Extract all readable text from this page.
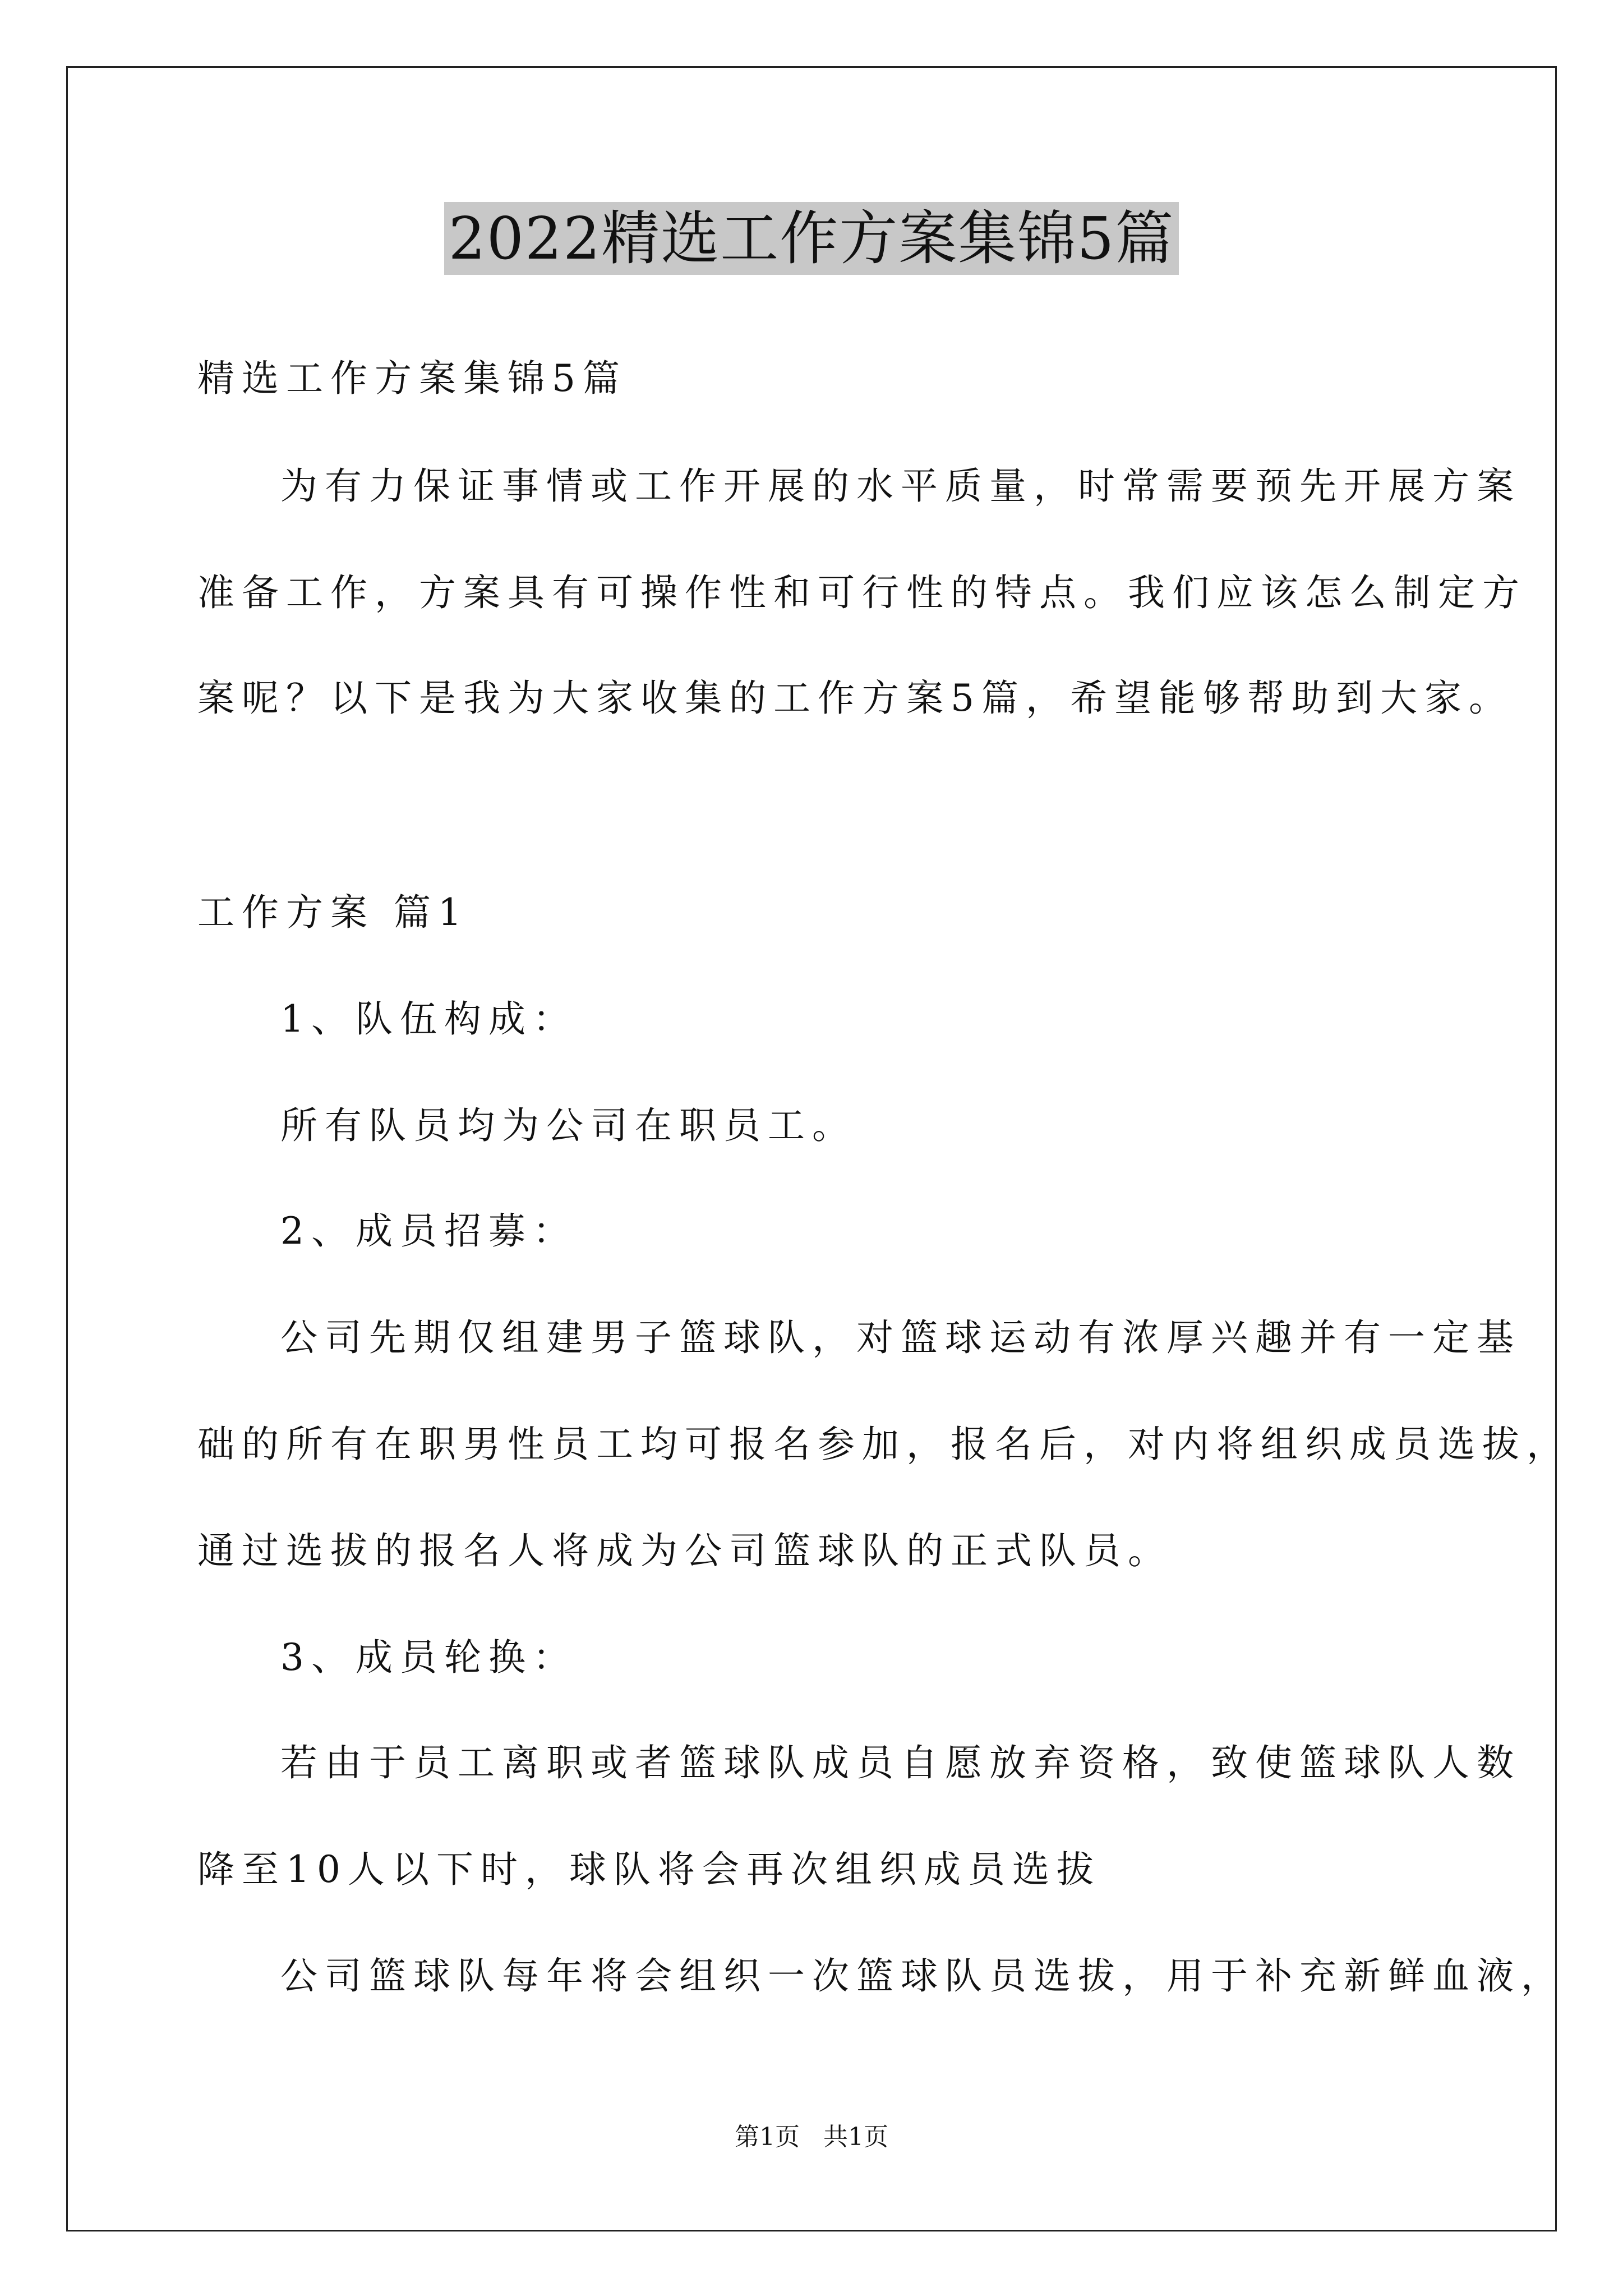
2022精选工作方案集锦5篇
精选工作方案集锦5篇
为有力保证事情或工作开展的水平质量，时常需要预先开展方案
准备工作，方案具有可操作性和可行性的特点。我们应该怎么制定方
案呢？以下是我为大家收集的工作方案5篇，希望能够帮助到大家。
工作方案 篇1
1、队伍构成：
所有队员均为公司在职员工。
2、成员招募：
公司先期仅组建男子篮球队，对篮球运动有浓厚兴趣并有一定基
础的所有在职男性员工均可报名参加，报名后，对内将组织成员选拔，
通过选拔的报名人将成为公司篮球队的正式队员。
3、成员轮换：
若由于员工离职或者篮球队成员自愿放弃资格，致使篮球队人数
降至10人以下时，球队将会再次组织成员选拔
公司篮球队每年将会组织一次篮球队员选拔，用于补充新鲜血液，
第1页   共1页
